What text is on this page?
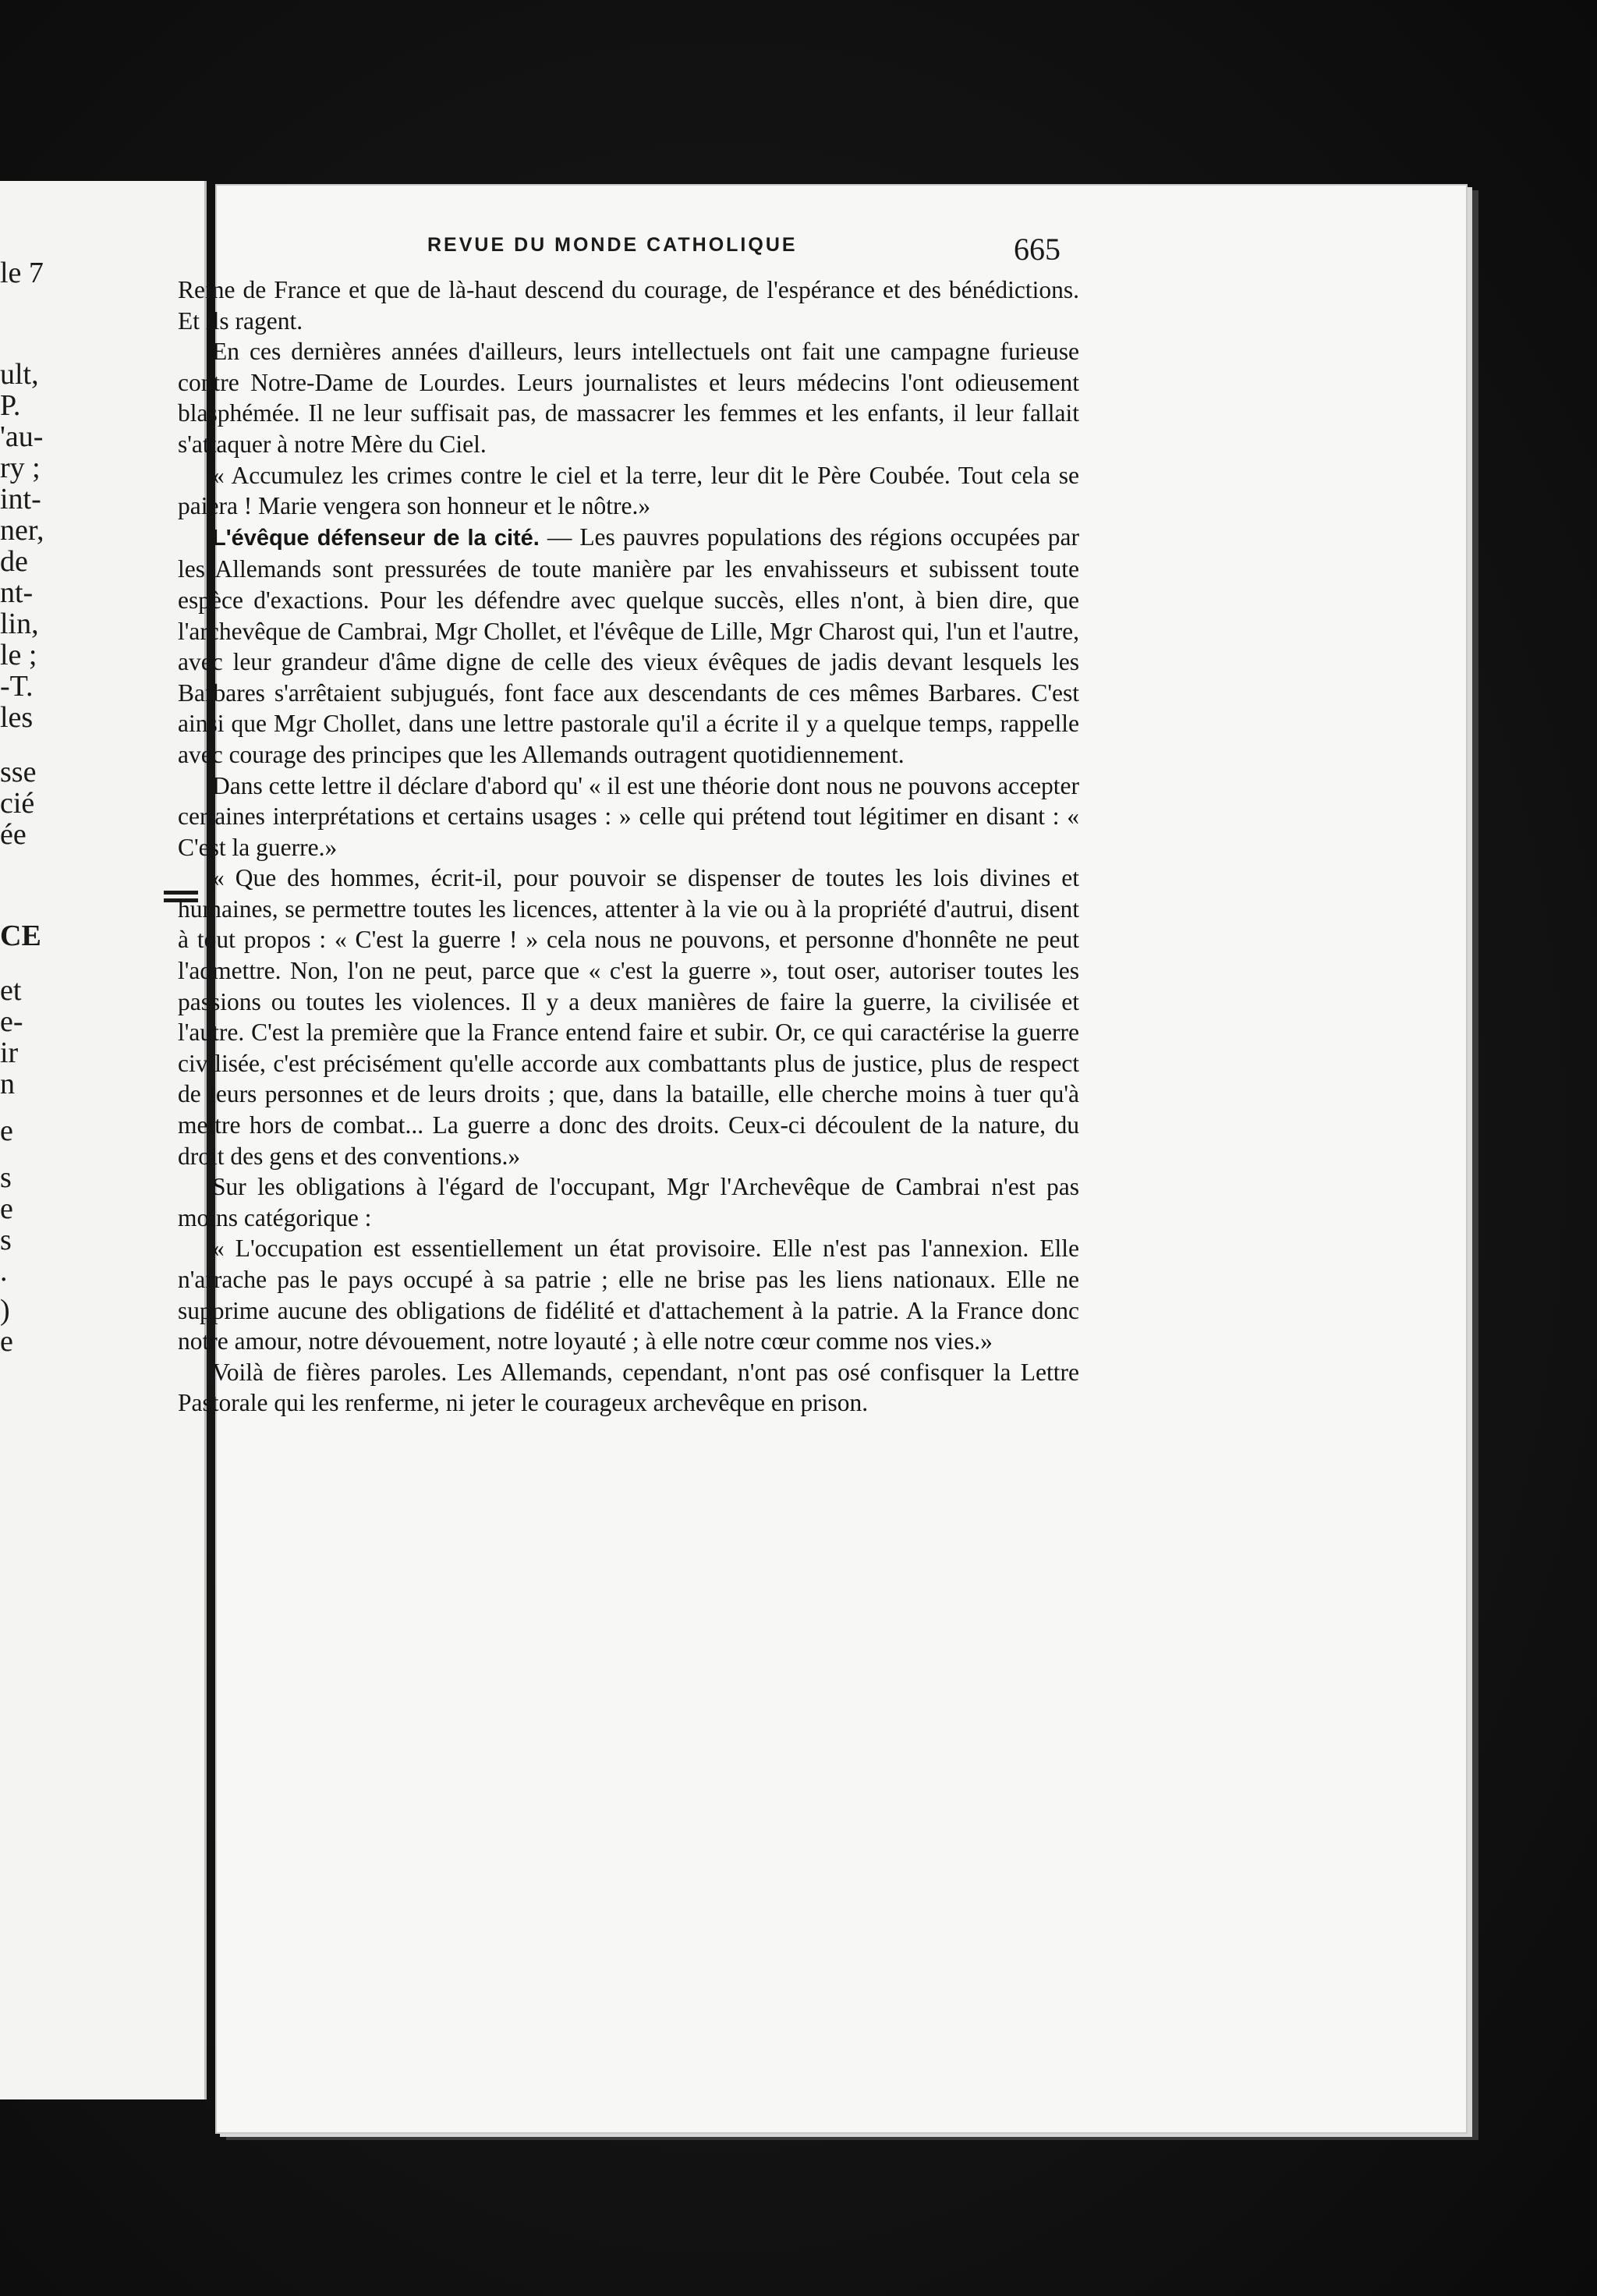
le 7
ult,
P.
'au-
ry ;
int-
ner,
de
nt-
lin,
le ;
-T.
les
sse
cié
ée
CE
et
e-
ir
n
e
s
e
s
.
)
e
REVUE DU MONDE CATHOLIQUE	665

Reine de France et que de là-haut descend du courage, de l'espérance et des bénédictions. Et ils ragent.

En ces dernières années d'ailleurs, leurs intellectuels ont fait une campagne furieuse contre Notre-Dame de Lourdes. Leurs journalistes et leurs médecins l'ont odieusement blasphémée. Il ne leur suffisait pas, de massacrer les femmes et les enfants, il leur fallait s'attaquer à notre Mère du Ciel.

« Accumulez les crimes contre le ciel et la terre, leur dit le Père Coubée. Tout cela se paiera ! Marie vengera son honneur et le nôtre.»

L'évêque défenseur de la cité. — Les pauvres populations des régions occupées par les Allemands sont pressurées de toute manière par les envahisseurs et subissent toute espèce d'exactions. Pour les défendre avec quelque succès, elles n'ont, à bien dire, que l'archevêque de Cambrai, Mgr Chollet, et l'évêque de Lille, Mgr Charost qui, l'un et l'autre, avec leur grandeur d'âme digne de celle des vieux évêques de jadis devant lesquels les Barbares s'arrêtaient subjugués, font face aux descendants de ces mêmes Barbares. C'est ainsi que Mgr Chollet, dans une lettre pastorale qu'il a écrite il y a quelque temps, rappelle avec courage des principes que les Allemands outragent quotidiennement.

Dans cette lettre il déclare d'abord qu' « il est une théorie dont nous ne pouvons accepter certaines interprétations et certains usages : » celle qui prétend tout légitimer en disant : « C'est la guerre.»

« Que des hommes, écrit-il, pour pouvoir se dispenser de toutes les lois divines et humaines, se permettre toutes les licences, attenter à la vie ou à la propriété d'autrui, disent à tout propos : « C'est la guerre ! » cela nous ne pouvons, et personne d'honnête ne peut l'admettre. Non, l'on ne peut, parce que « c'est la guerre », tout oser, autoriser toutes les passions ou toutes les violences. Il y a deux manières de faire la guerre, la civilisée et l'autre. C'est la première que la France entend faire et subir. Or, ce qui caractérise la guerre civilisée, c'est précisément qu'elle accorde aux combattants plus de justice, plus de respect de leurs personnes et de leurs droits ; que, dans la bataille, elle cherche moins à tuer qu'à mettre hors de combat... La guerre a donc des droits. Ceux-ci découlent de la nature, du droit des gens et des conventions.»

Sur les obligations à l'égard de l'occupant, Mgr l'Archevêque de Cambrai n'est pas moins catégorique :

« L'occupation est essentiellement un état provisoire. Elle n'est pas l'annexion. Elle n'arrache pas le pays occupé à sa patrie ; elle ne brise pas les liens nationaux. Elle ne supprime aucune des obligations de fidélité et d'attachement à la patrie. A la France donc notre amour, notre dévouement, notre loyauté ; à elle notre cœur comme nos vies.»

Voilà de fières paroles. Les Allemands, cependant, n'ont pas osé confisquer la Lettre Pastorale qui les renferme, ni jeter le courageux archevêque en prison.
